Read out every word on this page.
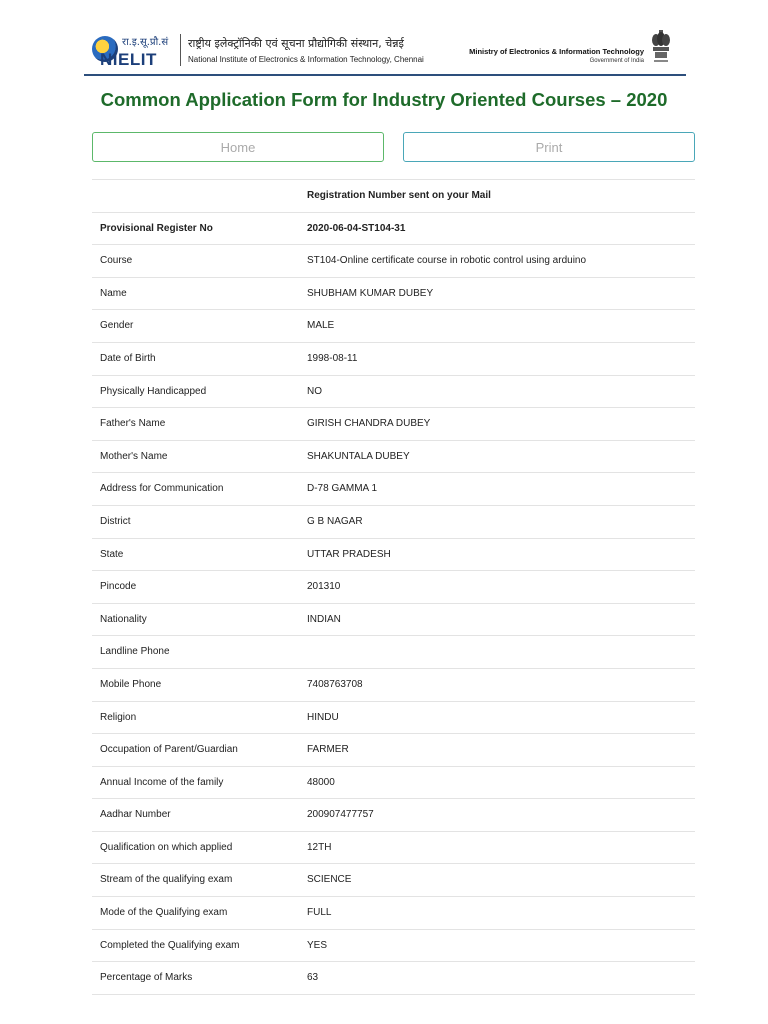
रा.इ.सू.प्रौ.सं
NIELIT
राष्ट्रीय इलेक्ट्रॉनिकी एवं सूचना प्रौद्योगिकी संस्थान, चेन्नई
National Institute of Electronics & Information Technology, Chennai
Ministry of Electronics & Information Technology
Government of India
Common Application Form for Industry Oriented Courses – 2020
Home	Print
Registration Number sent on your Mail
Provisional Register No	2020-06-04-ST104-31
Course	ST104-Online certificate course in robotic control using arduino
Name	SHUBHAM KUMAR DUBEY
Gender	MALE
Date of Birth	1998-08-11
Physically Handicapped	NO
Father's Name	GIRISH CHANDRA DUBEY
Mother's Name	SHAKUNTALA DUBEY
Address for Communication	D-78 GAMMA 1
District	G B NAGAR
State	UTTAR PRADESH
Pincode	201310
Nationality	INDIAN
Landline Phone
Mobile Phone	7408763708
Religion	HINDU
Occupation of Parent/Guardian	FARMER
Annual Income of the family	48000
Aadhar Number	200907477757
Qualification on which applied	12TH
Stream of the qualifying exam	SCIENCE
Mode of the Qualifying exam	FULL
Completed the Qualifying exam	YES
Percentage of Marks	63
